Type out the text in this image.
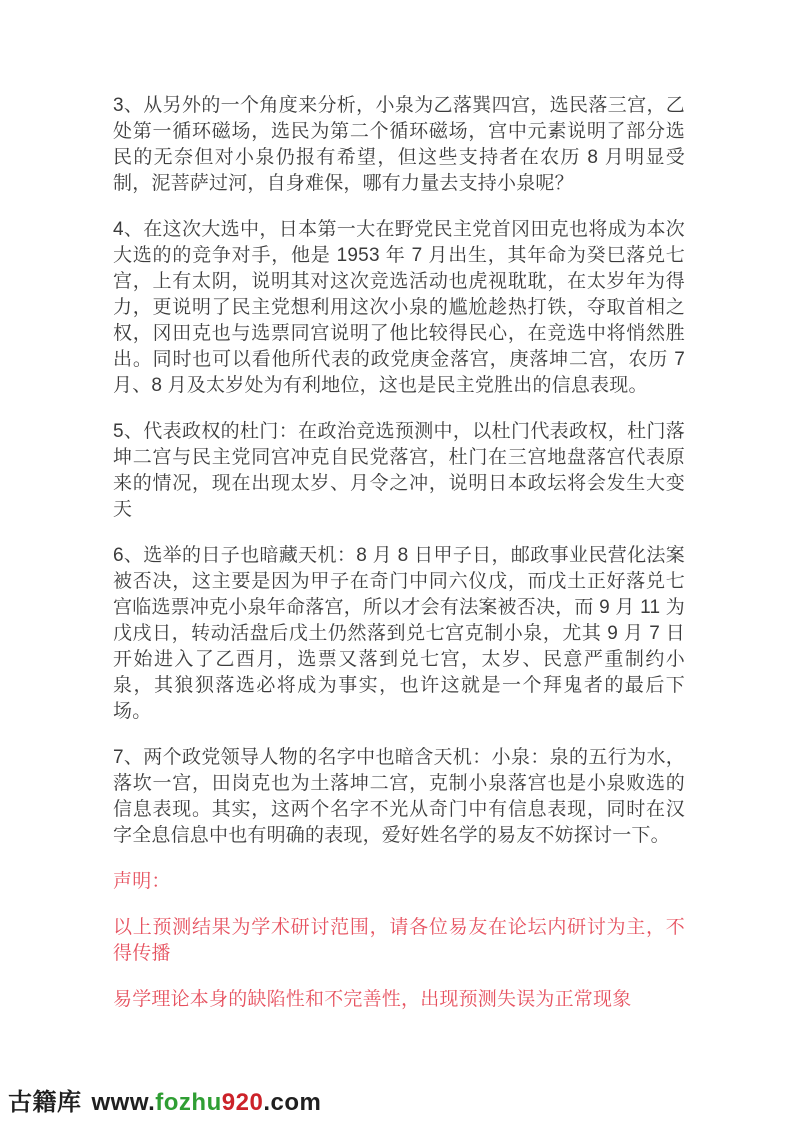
3、从另外的一个角度来分析，小泉为乙落巽四宫，选民落三宫，乙处第一循环磁场，选民为第二个循环磁场，宫中元素说明了部分选民的无奈但对小泉仍报有希望，但这些支持者在农历 8 月明显受制，泥菩萨过河，自身难保，哪有力量去支持小泉呢？

4、在这次大选中，日本第一大在野党民主党首冈田克也将成为本次大选的的竞争对手，他是 1953 年 7 月出生，其年命为癸巳落兑七宫，上有太阴，说明其对这次竞选活动也虎视耽耽，在太岁年为得力，更说明了民主党想利用这次小泉的尴尬趁热打铁，夺取首相之权，冈田克也与选票同宫说明了他比较得民心，在竞选中将悄然胜出。同时也可以看他所代表的政党庚金落宫，庚落坤二宫，农历 7 月、8 月及太岁处为有利地位，这也是民主党胜出的信息表现。

5、代表政权的杜门：在政治竞选预测中，以杜门代表政权，杜门落坤二宫与民主党同宫冲克自民党落宫，杜门在三宫地盘落宫代表原来的情况，现在出现太岁、月令之冲，说明日本政坛将会发生大变天

6、选举的日子也暗藏天机：8 月 8 日甲子日，邮政事业民营化法案被否决，这主要是因为甲子在奇门中同六仪戊，而戊土正好落兑七宫临选票冲克小泉年命落宫，所以才会有法案被否决，而 9 月 11 为戊戌日，转动活盘后戊土仍然落到兑七宫克制小泉，尤其 9 月 7 日开始进入了乙酉月，选票又落到兑七宫，太岁、民意严重制约小泉，其狼狈落选必将成为事实，也许这就是一个拜鬼者的最后下场。

7、两个政党领导人物的名字中也暗含天机：小泉：泉的五行为水，落坎一宫，田岗克也为土落坤二宫，克制小泉落宫也是小泉败选的信息表现。其实，这两个名字不光从奇门中有信息表现，同时在汉字全息信息中也有明确的表现，爱好姓名学的易友不妨探讨一下。

声明：

以上预测结果为学术研讨范围，请各位易友在论坛内研讨为主，不得传播

易学理论本身的缺陷性和不完善性，出现预测失误为正常现象

古籍库 www.fozhu920.com
